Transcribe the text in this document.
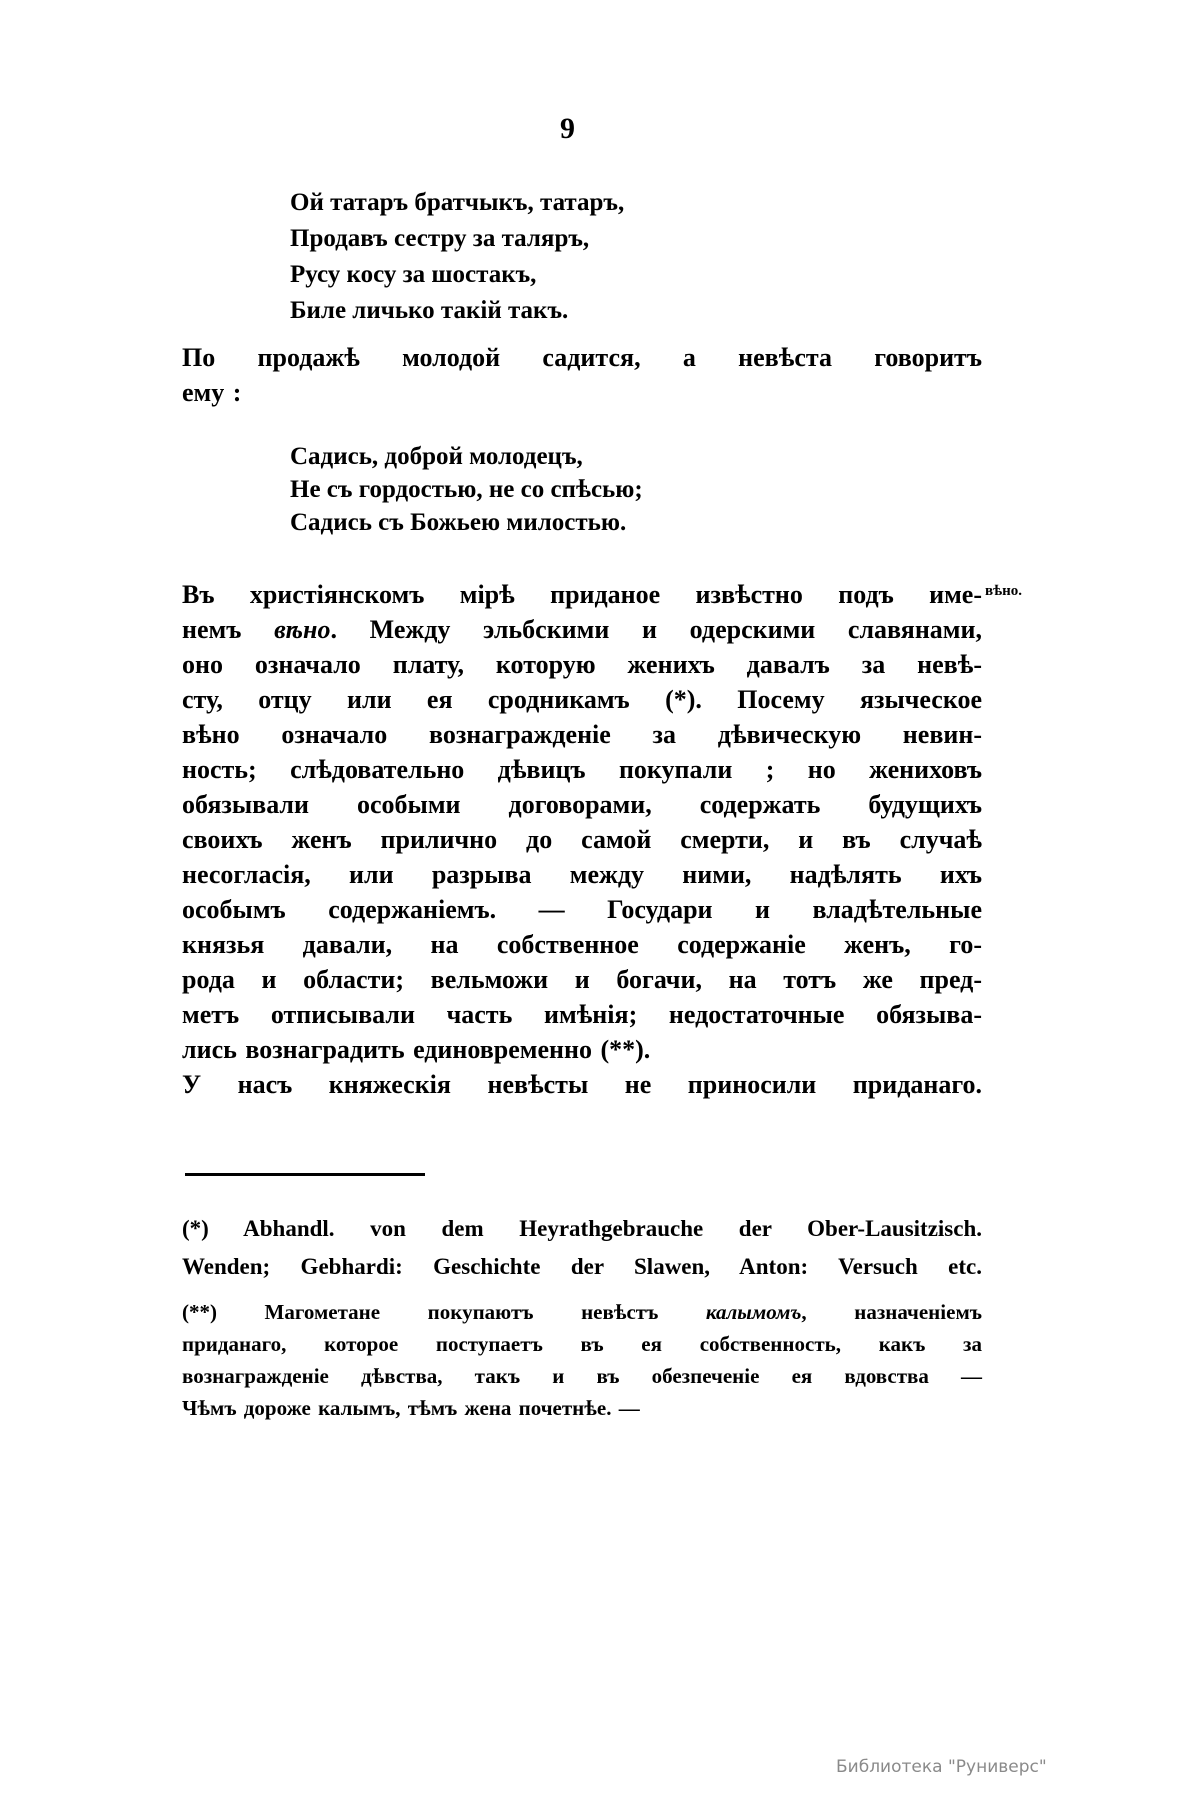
9
Ой татаръ братчыкъ, татаръ,
Продавъ сестру за таляръ,
Русу косу за шостакъ,
Биле личько такій такъ.
По продажѣ молодой садится, а невѣста говоритъ
ему :
Садись, доброй молодецъ,
Не съ гордостью, не со спѣсью;
Садись съ Божьею милостью.
вѣно.
Въ христіянскомъ мірѣ приданое извѣстно подъ име-
немъ вѣно. Между эльбскими и одерскими славянами,
оно означало плату, которую женихъ давалъ за невѣ-
сту, отцу или ея сродникамъ (*). Посему языческое
вѣно означало вознагражденіе за дѣвическую невин-
ность; слѣдовательно дѣвицъ покупали ; но жениховъ
обязывали особыми договорами, содержать будущихъ
своихъ женъ прилично до самой смерти, и въ случаѣ
несогласія, или разрыва между ними, надѣлять ихъ
особымъ содержаніемъ. — Государи и владѣтельные
князья давали, на собственное содержаніе женъ, го-
рода и области; вельможи и богачи, на тотъ же пред-
метъ отписывали часть имѣнія; недостаточные обязыва-
лись вознаградить единовременно (**).
У насъ княжескія невѣсты не приносили приданаго.
(*) Abhandl. von dem Heyrathgebrauche der Ober-Lausitzisch.
Wenden; Gebhardi: Geschichte der Slawen, Anton: Versuch etc.
(**) Магометане покупаютъ невѣстъ калымомъ, назначеніемъ
приданаго, которое поступаетъ въ ея собственность, какъ за
вознагражденіе дѣвства, такъ и въ обезпеченіе ея вдовства —
Чѣмъ дороже калымъ, тѣмъ жена почетнѣе. —
Библиотека "Руниверс"
